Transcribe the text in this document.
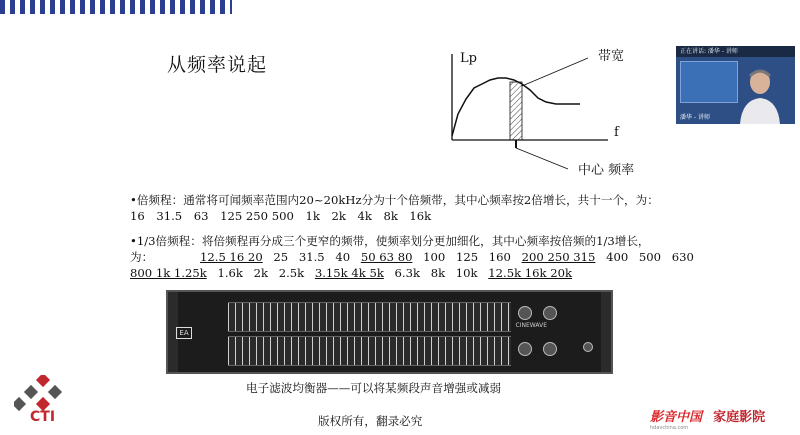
从频率说起	Lp
f
带宽
中心 频率
•倍频程：通常将可闻频率范围内20~20kHz分为十个倍频带，其中心频率按2倍增长，共十一个，为：16　31.5　63　125 250 500　1k　2k　4k　8k　16k
•1/3倍频程：将倍频程再分成三个更窄的频带，使频率划分更加细化，其中心频率按倍频的1/3增长，为：	12.5 16 20 25 31.5 40 50 63 80 100 125 160 200 250 315 400 500 630
800 1k 1.25k 1.6k 2k 2.5k 3.15k 4k 5k 6.3k 8k 10k 12.5k 16k 20k
EA
CINEWAVE
电子滤波均衡器——可以将某频段声音增强或减弱
版权所有，翻录必究
正在讲话: 潘华 - 讲师
潘华 - 讲师
CTI	影音中国 家庭影院
hdavchina.com
